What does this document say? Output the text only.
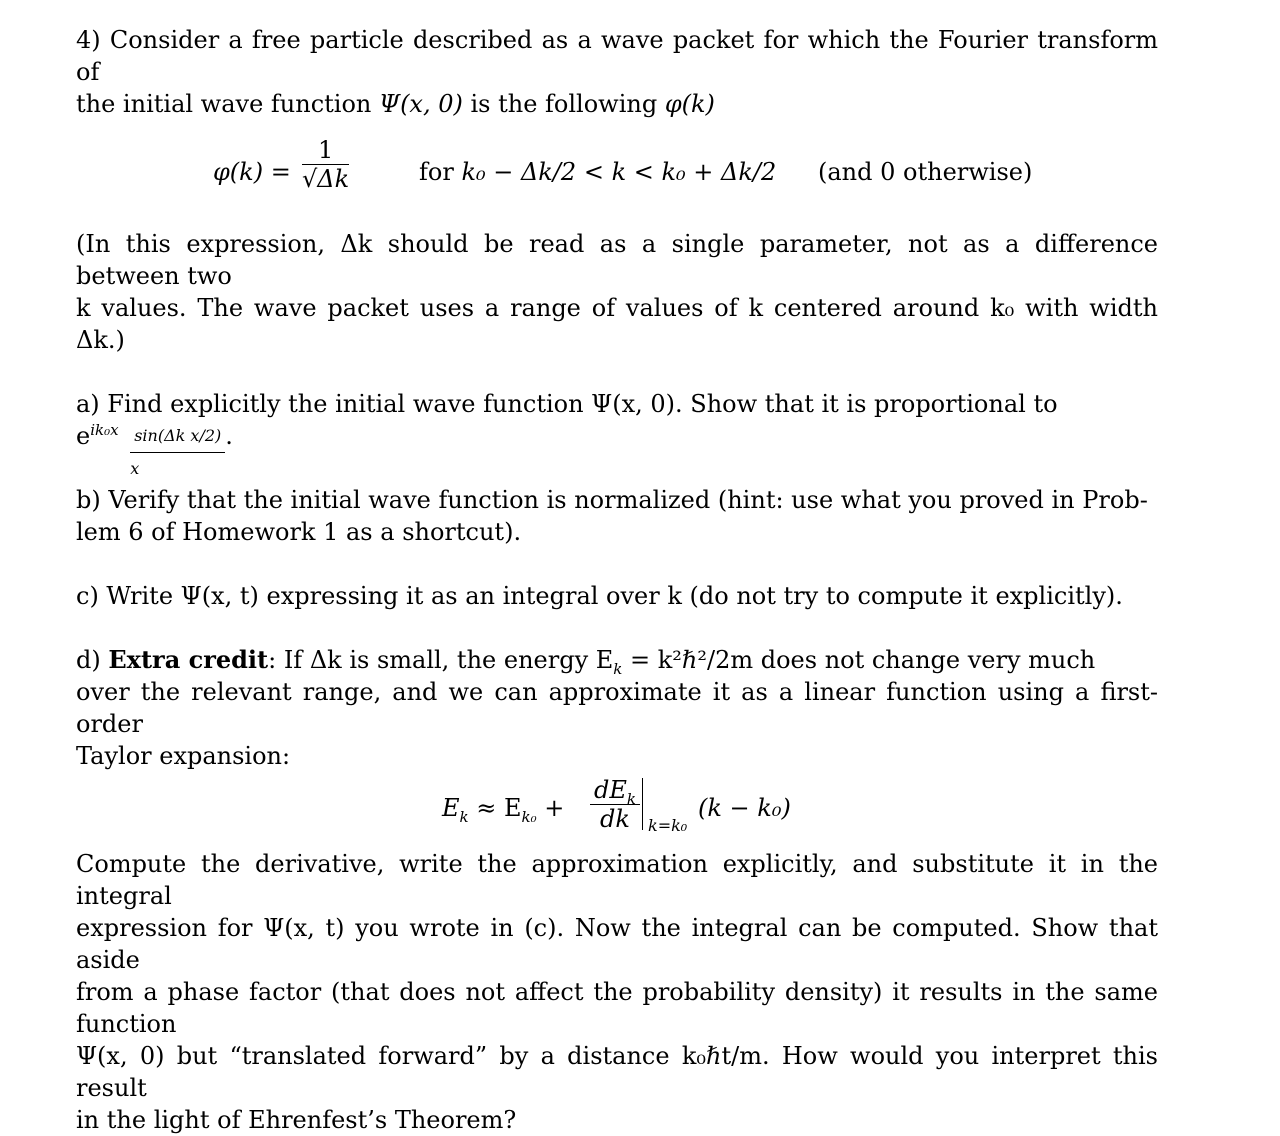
4) Consider a free particle described as a wave packet for which the Fourier transform of
the initial wave function Ψ(x, 0) is the following φ(k)
$\varphi(k) = \frac{1}{√\Delta k}$	for k₀ − Δk/2 < k < k₀ + Δk/2 (and 0 otherwise)
(In this expression, Δk should be read as a single parameter, not as a difference between two
k values. The wave packet uses a range of values of k centered around k₀ with width Δk.)
a) Find explicitly the initial wave function Ψ(x, 0). Show that it is proportional to
$e^{ik_0x} \frac{\text{sin(Δk x/2)}}{x}$ .
b) Verify that the initial wave function is normalized (hint: use what you proved in Prob-
lem 6 of Homework 1 as a shortcut).
c) Write Ψ(x, t) expressing it as an integral over k (do not try to compute it explicitly).
d) Extra credit: If Δk is small, the energy $E_k$ = k²ℏ²/2m does not change very much
over the relevant range, and we can approximate it as a linear function using a first-order
Taylor expansion:
$E_k \approx E_{k_0}$ +
$dE_k$
dk	k=k₀
(k − k₀)
Compute the derivative, write the approximation explicitly, and substitute it in the integral
expression for Ψ(x, t) you wrote in (c). Now the integral can be computed. Show that aside
from a phase factor (that does not affect the probability density) it results in the same function
Ψ(x, 0) but “translated forward” by a distance k₀ℏt/m. How would you interpret this result
in the light of Ehrenfest’s Theorem?
